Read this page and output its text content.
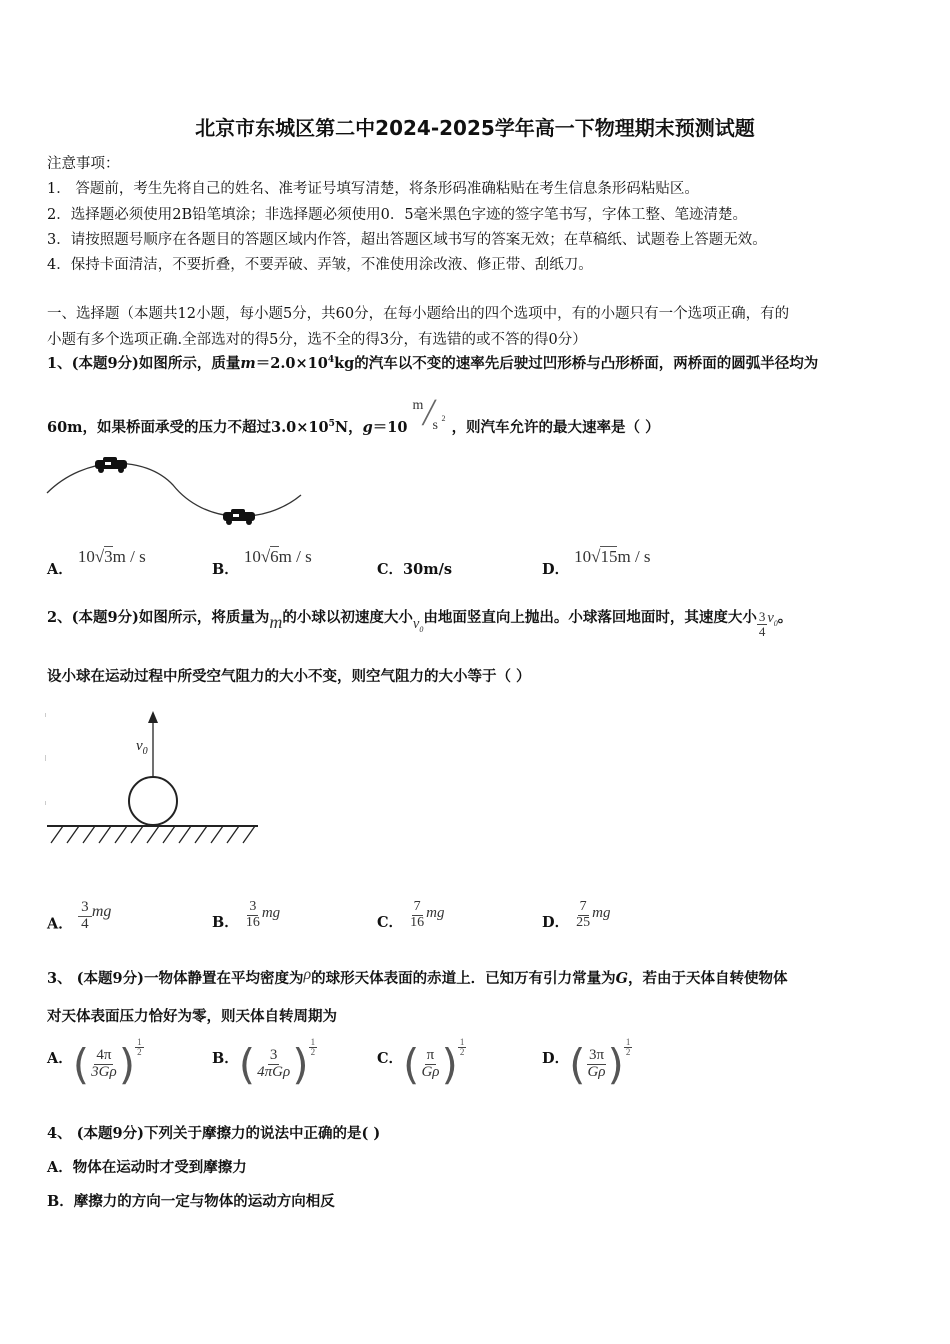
北京市东城区第二中2024-2025学年高一下物理期末预测试题
注意事项：
1． 答题前，考生先将自己的姓名、准考证号填写清楚，将条形码准确粘贴在考生信息条形码粘贴区。
2．选择题必须使用2B铅笔填涂；非选择题必须使用0．5毫米黑色字迹的签字笔书写，字体工整、笔迹清楚。
3．请按照题号顺序在各题目的答题区域内作答，超出答题区域书写的答案无效；在草稿纸、试题卷上答题无效。
4．保持卡面清洁，不要折叠，不要弄破、弄皱，不准使用涂改液、修正带、刮纸刀。
一、选择题（本题共12小题，每小题5分，共60分，在每小题给出的四个选项中，有的小题只有一个选项正确，有的
小题有多个选项正确.全部选对的得5分，选不全的得3分，有选错的或不答的得0分）
1、(本题9分)如图所示，质量$m=2.0\times 10^4kg$的汽车以不变的速率先后驶过凹形桥与凸形桥面，两桥面的圆弧半径均为
60m，如果桥面承受的压力不超过$3.0\times 10^5N$，g＝10
m ╱
s 2
，则汽车允许的最大速率是（ ）
A． 10√3m / s
B． 10√6m / s
C．30m/s	D． 10√15m / s
2、(本题9分)如图所示，将质量为m的小球以初速度大小$v_0$由地面竖直向上抛出。小球落回地面时，其速度大小 $\frac{3}{4} v_0$。
设小球在运动过程中所受空气阻力的大小不变，则空气阻力的大小等于（ ）
$v_0$
A． $\frac{3}{4}$ mg
B． $\frac{3}{16}$ mg
C． $\frac{7}{16}$ mg
D． $\frac{7}{25}$ mg
3、 (本题9分)一物体静置在平均密度为ρ的球形天体表面的赤道上．已知万有引力常量为G，若由于天体自转使物体
对天体表面压力恰好为零，则天体自转周期为
A．( $\frac{4\pi}{3G\rho}$ ) $\frac{1}{2}$
B．( $\frac{3}{\text{4πGρ}}$ ) $\frac{1}{2}$
C．( $\frac{\pi}{G\rho}$ ) $\frac{1}{2}$
D．( $\frac{3\pi}{G\rho}$ ) $\frac{1}{2}$
4、 (本题9分)下列关于摩擦力的说法中正确的是( )
A．物体在运动时才受到摩擦力
B．摩擦力的方向一定与物体的运动方向相反
